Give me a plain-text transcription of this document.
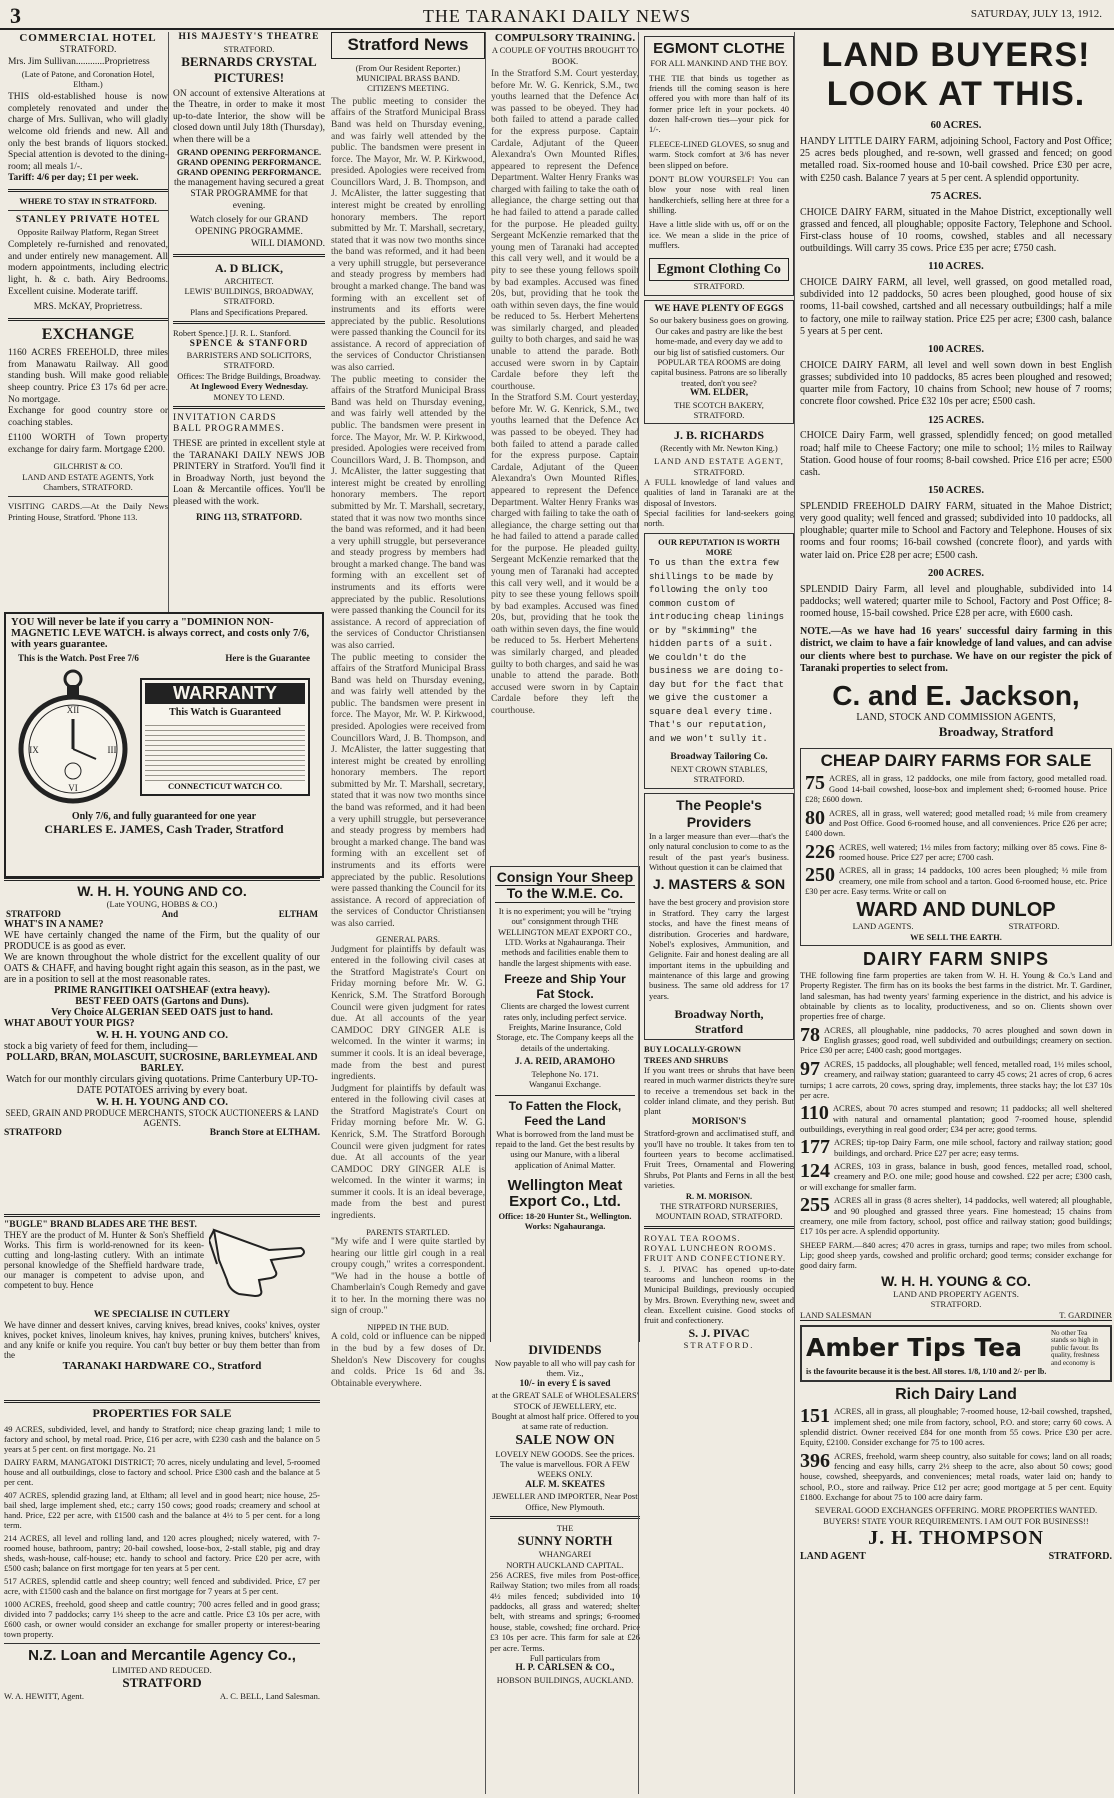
3	THE TARANAKI DAILY NEWS	SATURDAY, JULY 13, 1912.
COMMERCIAL HOTEL
STRATFORD.
Mrs. Jim Sullivan............Proprietress
(Late of Patone, and Coronation Hotel, Eltham.)
THIS old-established house is now completely renovated and under the charge of Mrs. Sullivan, who will gladly welcome old friends and new. All and only the best brands of liquors stocked. Special attention is devoted to the dining-room; all meals 1/-.
Tariff: 4/6 per day; £1 per week.
WHERE TO STAY IN STRATFORD.
STANLEY PRIVATE HOTEL
Opposite Railway Platform, Regan Street
Completely re-furnished and renovated, and under entirely new management. All modern appointments, including electric light, h. & c. bath. Airy Bedrooms. Excellent cuisine. Moderate tariff.
MRS. McKAY, Proprietress.
EXCHANGE
1160 ACRES FREEHOLD, three miles from Manawatu Railway. All good standing bush. Will make good reliable sheep country. Price £3 17s 6d per acre. No mortgage.
Exchange for good country store or coaching stables.
£1100 WORTH of Town property exchange for dairy farm. Mortgage £200.
GILCHRIST & CO.
LAND AND ESTATE AGENTS, York Chambers, STRATFORD.
VISITING CARDS.—At the Daily News Printing House, Stratford. 'Phone 113.
HIS MAJESTY'S THEATRE
STRATFORD.
BERNARDS CRYSTAL PICTURES!
ON account of extensive Alterations at the Theatre, in order to make it most up-to-date Interior, the show will be closed down until July 18th (Thursday), when there will be a
GRAND OPENING PERFORMANCE.
GRAND OPENING PERFORMANCE.
GRAND OPENING PERFORMANCE.
the management having secured a great STAR PROGRAMME for that evening.
Watch closely for our GRAND OPENING PROGRAMME.
WILL DIAMOND.
A. D BLICK,
ARCHITECT.
LEWIS' BUILDINGS, BROADWAY, STRATFORD.
Plans and Specifications Prepared.
Robert Spence.] [J. R. L. Stanford.
SPENCE & STANFORD
BARRISTERS AND SOLICITORS, STRATFORD.
Offices: The Bridge Buildings, Broadway.
At Inglewood Every Wednesday.
MONEY TO LEND.
INVITATION CARDS
BALL PROGRAMMES.
THESE are printed in excellent style at the TARANAKI DAILY NEWS JOB PRINTERY in Stratford. You'll find it in Broadway North, just beyond the Loan & Mercantile offices. You'll be pleased with the work.
RING 113, STRATFORD.
YOU Will never be late if you carry a "DOMINION NON-MAGNETIC LEVE WATCH. is always correct, and costs only 7/6, with years guarantee.
This is the Watch. Post Free 7/6	Here is the Guarantee
XII
III
VI
IX
WARRANTY
This Watch is Guaranteed
CONNECTICUT WATCH CO.
Only 7/6, and fully guaranteed for one year
CHARLES E. JAMES, Cash Trader, Stratford
W. H. H. YOUNG AND CO.
(Late YOUNG, HOBBS & CO.)
STRATFORD	And	ELTHAM
WHAT'S IN A NAME?
WE have certainly changed the name of the Firm, but the quality of our PRODUCE is as good as ever.
We are known throughout the whole district for the excellent quality of our OATS & CHAFF, and having bought right again this season, as in the past, we are in a position to sell at the most reasonable rates.
PRIME RANGITIKEI OATSHEAF (extra heavy).
BEST FEED OATS (Gartons and Duns).
Very Choice ALGERIAN SEED OATS just to hand.
WHAT ABOUT YOUR PIGS?
W. H. H. YOUNG AND CO.
stock a big variety of feed for them, including—
POLLARD, BRAN, MOLASCUIT, SUCROSINE, BARLEYMEAL AND BARLEY.
Watch for our monthly circulars giving quotations. Prime Canterbury UP-TO-DATE POTATOES arriving by every boat.
W. H. H. YOUNG AND CO.
SEED, GRAIN AND PRODUCE MERCHANTS, STOCK AUCTIONEERS & LAND AGENTS.
STRATFORD	Branch Store at ELTHAM.
"BUGLE" BRAND BLADES ARE THE BEST.
THEY are the product of M. Hunter & Son's Sheffield Works. This firm is world-renowned for its keen-cutting and long-lasting cutlery. With an intimate personal knowledge of the Sheffield hardware trade, our manager is competent to advise upon, and competent to buy. Hence
WE SPECIALISE IN CUTLERY
We have dinner and dessert knives, carving knives, bread knives, cooks' knives, oyster knives, pocket knives, linoleum knives, hay knives, pruning knives, butchers' knives, and any knife or knife you require. You can't buy better or buy them better than from the
TARANAKI HARDWARE CO., Stratford
PROPERTIES FOR SALE
49 ACRES, subdivided, level, and handy to Stratford; nice cheap grazing land; 1 mile to factory and school, by metal road. Price, £16 per acre, with £230 cash and the balance on 5 years at 5 per cent. on first mortgage. No. 21
DAIRY FARM, MANGATOKI DISTRICT; 70 acres, nicely undulating and level, 5-roomed house and all outbuildings, close to factory and school. Price £300 cash and the balance at 5 per cent.
407 ACRES, splendid grazing land, at Eltham; all level and in good heart; nice house, 25-bail shed, large implement shed, etc.; carry 150 cows; good roads; creamery and school at hand. Price, £22 per acre, with £1500 cash and the balance at 4½ to 5 per cent. for a long term.
214 ACRES, all level and rolling land, and 120 acres ploughed; nicely watered, with 7-roomed house, bathroom, pantry; 20-bail cowshed, loose-box, 2-stall stable, pig and dray sheds, wash-house, calf-house; etc. handy to school and factory. Price £20 per acre, with £500 cash; balance on first mortgage for ten years at 5 per cent.
517 ACRES, splendid cattle and sheep country; well fenced and subdivided. Price, £7 per acre, with £1500 cash and the balance on first mortgage for 7 years at 5 per cent.
1000 ACRES, freehold, good sheep and cattle country; 700 acres felled and in good grass; divided into 7 paddocks; carry 1½ sheep to the acre and cattle. Price £3 10s per acre, with £600 cash, or owner would consider an exchange for smaller property or interest-bearing town property.
N.Z. Loan and Mercantile Agency Co.,
LIMITED AND REDUCED.
STRATFORD
W. A. HEWITT, Agent.	A. C. BELL, Land Salesman.
Stratford News
(From Our Resident Reporter.)
MUNICIPAL BRASS BAND.
CITIZEN'S MEETING.
The public meeting to consider the affairs of the Stratford Municipal Brass Band was held on Thursday evening, and was fairly well attended by the public. The bandsmen were present in force. The Mayor, Mr. W. P. Kirkwood, presided. Apologies were received from Councillors Ward, J. B. Thompson, and J. McAlister, the latter suggesting that interest might be created by enrolling honorary members. The report submitted by Mr. T. Marshall, secretary, stated that it was now two months since the band was reformed, and it had been a very uphill struggle, but perseverance and steady progress by members had brought a marked change. The band was forming with an excellent set of instruments and its efforts were appreciated by the public. Resolutions were passed thanking the Council for its assistance. A record of appreciation of the services of Conductor Christiansen was also carried.
The public meeting to consider the affairs of the Stratford Municipal Brass Band was held on Thursday evening, and was fairly well attended by the public. The bandsmen were present in force. The Mayor, Mr. W. P. Kirkwood, presided. Apologies were received from Councillors Ward, J. B. Thompson, and J. McAlister, the latter suggesting that interest might be created by enrolling honorary members. The report submitted by Mr. T. Marshall, secretary, stated that it was now two months since the band was reformed, and it had been a very uphill struggle, but perseverance and steady progress by members had brought a marked change. The band was forming with an excellent set of instruments and its efforts were appreciated by the public. Resolutions were passed thanking the Council for its assistance. A record of appreciation of the services of Conductor Christiansen was also carried.
The public meeting to consider the affairs of the Stratford Municipal Brass Band was held on Thursday evening, and was fairly well attended by the public. The bandsmen were present in force. The Mayor, Mr. W. P. Kirkwood, presided. Apologies were received from Councillors Ward, J. B. Thompson, and J. McAlister, the latter suggesting that interest might be created by enrolling honorary members. The report submitted by Mr. T. Marshall, secretary, stated that it was now two months since the band was reformed, and it had been a very uphill struggle, but perseverance and steady progress by members had brought a marked change. The band was forming with an excellent set of instruments and its efforts were appreciated by the public. Resolutions were passed thanking the Council for its assistance. A record of appreciation of the services of Conductor Christiansen was also carried.
GENERAL PARS.
Judgment for plaintiffs by default was entered in the following civil cases at the Stratford Magistrate's Court on Friday morning before Mr. W. G. Kenrick, S.M. The Stratford Borough Council were given judgment for rates due. At all accounts of the year CAMDOC DRY GINGER ALE is welcomed. In the winter it warms; in summer it cools. It is an ideal beverage, made from the best and purest ingredients.
Judgment for plaintiffs by default was entered in the following civil cases at the Stratford Magistrate's Court on Friday morning before Mr. W. G. Kenrick, S.M. The Stratford Borough Council were given judgment for rates due. At all accounts of the year CAMDOC DRY GINGER ALE is welcomed. In the winter it warms; in summer it cools. It is an ideal beverage, made from the best and purest ingredients.
PARENTS STARTLED.
"My wife and I were quite startled by hearing our little girl cough in a real croupy cough," writes a correspondent. "We had in the house a bottle of Chamberlain's Cough Remedy and gave it to her. In the morning there was no sign of croup."
NIPPED IN THE BUD.
A cold, cold or influence can be nipped in the bud by a few doses of Dr. Sheldon's New Discovery for coughs and colds. Price 1s 6d and 3s. Obtainable everywhere.
COMPULSORY TRAINING.
A COUPLE OF YOUTHS BROUGHT TO BOOK.
In the Stratford S.M. Court yesterday, before Mr. W. G. Kenrick, S.M., two youths learned that the Defence Act was passed to be obeyed. They had both failed to attend a parade called for the express purpose. Captain Cardale, Adjutant of the Queen Alexandra's Own Mounted Rifles, appeared to represent the Defence Department. Walter Henry Franks was charged with failing to take the oath of allegiance, the charge setting out that he had failed to attend a parade called for the purpose. He pleaded guilty. Sergeant McKenzie remarked that the young men of Taranaki had accepted this call very well, and it would be a pity to see these young fellows spoilt by bad examples. Accused was fined 20s, but, providing that he took the oath within seven days, the fine would be reduced to 5s. Herbert Mehertens was similarly charged, and pleaded guilty to both charges, and said he was unable to attend the parade. Both accused were sworn in by Captain Cardale before they left the courthouse.
In the Stratford S.M. Court yesterday, before Mr. W. G. Kenrick, S.M., two youths learned that the Defence Act was passed to be obeyed. They had both failed to attend a parade called for the express purpose. Captain Cardale, Adjutant of the Queen Alexandra's Own Mounted Rifles, appeared to represent the Defence Department. Walter Henry Franks was charged with failing to take the oath of allegiance, the charge setting out that he had failed to attend a parade called for the purpose. He pleaded guilty. Sergeant McKenzie remarked that the young men of Taranaki had accepted this call very well, and it would be a pity to see these young fellows spoilt by bad examples. Accused was fined 20s, but, providing that he took the oath within seven days, the fine would be reduced to 5s. Herbert Mehertens was similarly charged, and pleaded guilty to both charges, and said he was unable to attend the parade. Both accused were sworn in by Captain Cardale before they left the courthouse.
Consign Your Sheep
To the W.M.E. Co.
It is no experiment; you will be "trying out" consignment through THE WELLINGTON MEAT EXPORT CO., LTD. Works at Ngahauranga. Their methods and facilities enable them to handle the largest shipments with ease.
Freeze and Ship Your Fat Stock.
Clients are charged the lowest current rates only, including perfect service. Freights, Marine Insurance, Cold Storage, etc. The Company keeps all the details of the undertaking.
J. A. REID, ARAMOHO
Telephone No. 171.
Wanganui Exchange.
To Fatten the Flock, Feed the Land
What is borrowed from the land must be repaid to the land. Get the best results by using our Manure, with a liberal application of Animal Matter.
Wellington Meat Export Co., Ltd.
Office: 18-20 Hunter St., Wellington.
Works: Ngahauranga.
DIVIDENDS
Now payable to all who will pay cash for them. Viz.,
10/- in every £ is saved
at the GREAT SALE of WHOLESALERS' STOCK of JEWELLERY, etc.
Bought at almost half price. Offered to you at same rate of reduction.
SALE NOW ON
LOVELY NEW GOODS. See the prices. The value is marvellous. FOR A FEW WEEKS ONLY.
ALF. M. SKEATES
JEWELLER AND IMPORTER, Near Post Office, New Plymouth.
THE
SUNNY NORTH
WHANGAREI
NORTH AUCKLAND CAPITAL.
256 ACRES, five miles from Post-office, Railway Station; two miles from all roads; 4½ miles fenced; subdivided into 10 paddocks, all grass and watered; shelter belt, with streams and springs; 6-roomed house, stable, cowshed; fine orchard. Price £3 10s per acre. This farm for sale at £26 per acre. Terms.
Full particulars from
H. P. CARLSEN & CO.,
HOBSON BUILDINGS, AUCKLAND.
EGMONT CLOTHE
FOR ALL MANKIND AND THE BOY.
THE TIE that binds us together as friends till the coming season is here offered you with more than half of its former price left in your pockets. 40 dozen half-crown ties—your pick for 1/-.
FLEECE-LINED GLOVES, so snug and warm. Stock comfort at 3/6 has never been slipped on before.
DON'T BLOW YOURSELF! You can blow your nose with real linen handkerchiefs, selling here at three for a shilling.
Have a little slide with us, off or on the ice. We mean a slide in the price of mufflers.
Egmont Clothing Co
STRATFORD.
WE HAVE PLENTY OF EGGS
So our bakery business goes on growing. Our cakes and pastry are like the best home-made, and every day we add to our big list of satisfied customers. Our POPULAR TEA ROOMS are doing capital business. Patrons are so liberally treated, don't you see?
WM. ELDER,
THE SCOTCH BAKERY, STRATFORD.
J. B. RICHARDS
(Recently with Mr. Newton King.)
LAND AND ESTATE AGENT,
STRATFORD.
A FULL knowledge of land values and qualities of land in Taranaki are at the disposal of Investors.
Special facilities for land-seekers going north.
OUR REPUTATION IS WORTH MORE
To us than the extra few shillings to be made by following the only too common custom of introducing cheap linings or by "skimming" the hidden parts of a suit. We couldn't do the business we are doing to-day but for the fact that we give the customer a square deal every time. That's our reputation, and we won't sully it.
Broadway Tailoring Co.
NEXT CROWN STABLES,
STRATFORD.
The People's Providers
In a larger measure than ever—that's the only natural conclusion to come to as the result of the past year's business. Without question it can be claimed that
J. MASTERS & SON
have the best grocery and provision store in Stratford. They carry the largest stocks, and have the finest means of distribution. Groceries and hardware, Nobel's explosives, Ammunition, and Gelignite. Fair and honest dealing are all important items in the upbuilding and maintenance of this large and growing business. The same old address for 17 years.
Broadway North, Stratford
BUY LOCALLY-GROWN
TREES AND SHRUBS
If you want trees or shrubs that have been reared in much warmer districts they're sure to receive a tremendous set back in the colder inland climate, and they perish. But plant
MORISON'S
Stratford-grown and acclimatised stuff, and you'll have no trouble. It takes from ten to fourteen years to become acclimatised. Fruit Trees, Ornamental and Flowering Shrubs, Pot Plants and Ferns in all the best varieties.
R. M. MORISON.
THE STRATFORD NURSERIES, MOUNTAIN ROAD, STRATFORD.
ROYAL TEA ROOMS.
ROYAL LUNCHEON ROOMS.
FRUIT AND CONFECTIONERY.
S. J. PIVAC has opened up-to-date tearooms and luncheon rooms in the Municipal Buildings, previously occupied by Mrs. Brown. Everything new, sweet and clean. Excellent cuisine. Good stocks of fruit and confectionery.
S. J. PIVAC
STRATFORD.
LAND BUYERS! LOOK AT THIS.
60 ACRES.
HANDY LITTLE DAIRY FARM, adjoining School, Factory and Post Office; 25 acres beds ploughed, and re-sown, well grassed and fenced; on good metalled road. Six-roomed house and 10-bail cowshed. Price £30 per acre, with £250 cash. Balance 7 years at 5 per cent. A splendid opportunity.
75 ACRES.
CHOICE DAIRY FARM, situated in the Mahoe District, exceptionally well grassed and fenced, all ploughable; opposite Factory, Telephone and School. First-class house of 10 rooms, cowshed, stables and all necessary outbuildings. Will carry 35 cows. Price £35 per acre; £750 cash.
110 ACRES.
CHOICE DAIRY FARM, all level, well grassed, on good metalled road, subdivided into 12 paddocks, 50 acres been ploughed, good house of six rooms, 11-bail cowshed, cartshed and all necessary outbuildings; half a mile to factory, one mile to railway station. Price £25 per acre; £300 cash, balance 5 years at 5 per cent.
100 ACRES.
CHOICE DAIRY FARM, all level and well sown down in best English grasses; subdivided into 10 paddocks, 85 acres been ploughed and resowed; quarter mile from Factory, 10 chains from School; new house of 7 rooms; concrete floor cowshed. Price £32 10s per acre; £500 cash.
125 ACRES.
CHOICE Dairy Farm, well grassed, splendidly fenced; on good metalled road; half mile to Cheese Factory; one mile to school; 1½ miles to Railway Station. Good house of four rooms; 8-bail cowshed. Price £16 per acre; £500 cash.
150 ACRES.
SPLENDID FREEHOLD DAIRY FARM, situated in the Mahoe District; very good quality; well fenced and grassed; subdivided into 10 paddocks, all ploughable; quarter mile to School and Factory and Telephone. Houses of six rooms and four rooms; 16-bail cowshed (concrete floor), and yards with water laid on. Price £28 per acre; £500 cash.
200 ACRES.
SPLENDID Dairy Farm, all level and ploughable, subdivided into 14 paddocks; well watered; quarter mile to School, Factory and Post Office; 8-roomed house, 15-bail cowshed. Price £28 per acre, with £600 cash.
NOTE.—As we have had 16 years' successful dairy farming in this district, we claim to have a fair knowledge of land values, and can advise our clients where best to purchase. We have on our register the pick of Taranaki properties to select from.
C. and E. Jackson,
LAND, STOCK AND COMMISSION AGENTS,
Broadway, Stratford
CHEAP DAIRY FARMS FOR SALE
75 ACRES, all in grass, 12 paddocks, one mile from factory, good metalled road. Good 14-bail cowshed, loose-box and implement shed; 6-roomed house. Price £28; £600 down.
80 ACRES, all in grass, well watered; good metalled road; ½ mile from creamery and Post Office. Good 6-roomed house, and all conveniences. Price £26 per acre; £400 down.
226 ACRES, well watered; 1½ miles from factory; milking over 85 cows. Fine 8-roomed house. Price £27 per acre; £700 cash.
250 ACRES, all in grass; 14 paddocks, 100 acres been ploughed; ½ mile from creamery, one mile from school and a tarton. Good 6-roomed house, etc. Price £30 per acre. Easy terms. Write or call on
WARD AND DUNLOP
LAND AGENTS.	STRATFORD.
WE SELL THE EARTH.
DAIRY FARM SNIPS
THE following fine farm properties are taken from W. H. H. Young & Co.'s Land and Property Register. The firm has on its books the best farms in the district. Mr. T. Gardiner, land salesman, has had twenty years' farming experience in the district, and his advice is obtainable by clients as to locality, productiveness, and so on. Clients shown over properties free of charge.
78 ACRES, all ploughable, nine paddocks, 70 acres ploughed and sown down in English grasses; good road, well subdivided and outbuildings; creamery on section. Price £30 per acre; £400 cash; good mortgages.
97 ACRES, 15 paddocks, all ploughable; well fenced, metalled road, 1½ miles school, creamery, and railway station; guaranteed to carry 45 cows; 21 acres of crop, 6 acres turnips; 1 acre carrots, 20 cows, spring dray, implements, three stacks hay; the lot £37 10s per acre.
110 ACRES, about 70 acres stumped and resown; 11 paddocks; all well sheltered with natural and ornamental plantation; good 7-roomed house, splendid outbuildings, everything in real good order; £34 per acre; good terms.
177 ACRES; tip-top Dairy Farm, one mile school, factory and railway station; good buildings, and orchard. Price £27 per acre; easy terms.
124 ACRES, 103 in grass, balance in bush, good fences, metalled road, school, creamery and P.O. one mile; good house and cowshed. £22 per acre; £300 cash, or will exchange for smaller farm.
255 ACRES all in grass (8 acres shelter), 14 paddocks, well watered; all ploughable, and 90 ploughed and grassed three years. Fine homestead; 15 chains from creamery, one mile from factory, school, post office and railway station; good buildings; £17 10s per acre. A splendid opportunity.
SHEEP FARM.—840 acres; 470 acres in grass, turnips and rape; two miles from school. Lip; good sheep yards, cowshed and prolific orchard; good terms; consider exchange for good dairy farm.
W. H. H. YOUNG & CO.
LAND AND PROPERTY AGENTS.
STRATFORD.
LAND SALESMAN	T. GARDINER
Amber Tips Tea
No other Tea stands so high in public favour. Its quality, freshness and economy is
is the favourite because it is the best. All stores. 1/8, 1/10 and 2/- per lb.
Rich Dairy Land
151 ACRES, all in grass, all ploughable; 7-roomed house, 12-bail cowshed, trapshed, implement shed; one mile from factory, school, P.O. and store; carry 60 cows. A splendid district. Owner received £84 for one month from 55 cows. Price £30 per acre. Equity, £2100. Consider exchange for 75 to 100 acres.
396 ACRES, freehold, warm sheep country, also suitable for cows; land on all roads; fencing and easy hills, carry 2½ sheep to the acre, also about 50 cows; good house, cowshed, sheepyards, and conveniences; metal roads, water laid on; handy to school, P.O., store and railway. Price £12 per acre; good mortgage at 5 per cent. Equity £1800. Exchange for about 75 to 100 acre dairy farm.
SEVERAL GOOD EXCHANGES OFFERING. MORE PROPERTIES WANTED. BUYERS! STATE YOUR REQUIREMENTS. I AM OUT FOR BUSINESS!!
J. H. THOMPSON
LAND AGENT	STRATFORD.
